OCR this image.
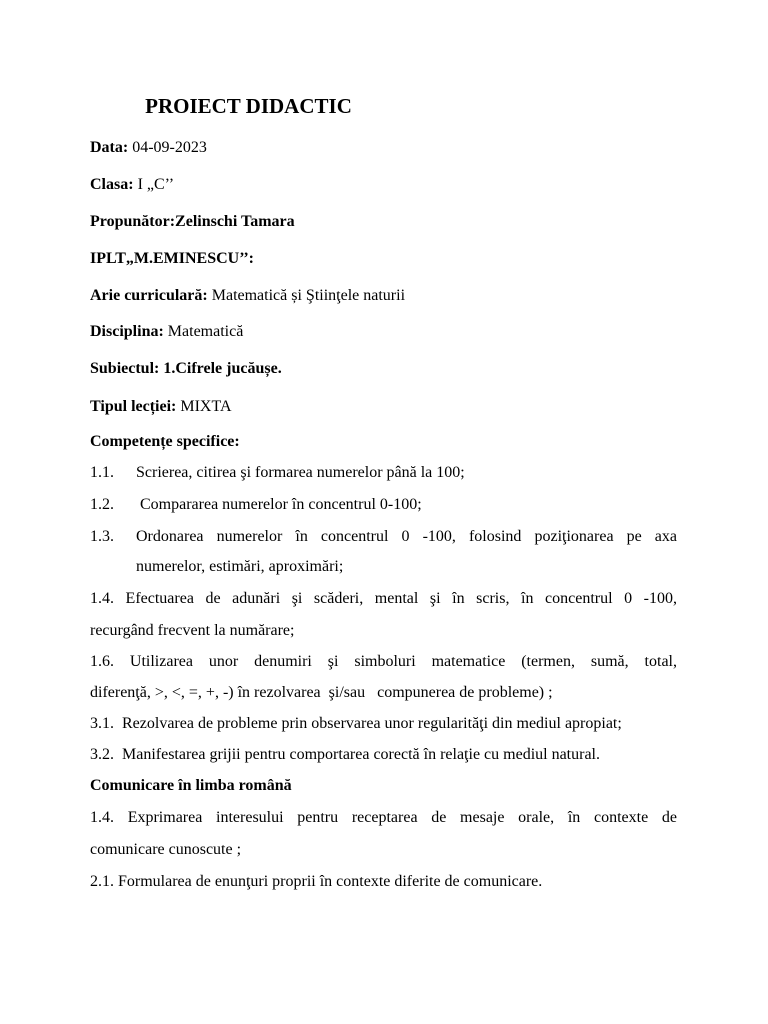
PROIECT DIDACTIC
Data: 04-09-2023
Clasa: I „C’’
Propunător:Zelinschi Tamara
IPLT„M.EMINESCU’’:
Arie curriculară: Matematică și Ştiinţele naturii
Disciplina: Matematică
Subiectul: 1.Cifrele jucăușe.
Tipul lecției: MIXTA
Competențe specifice:
1.1. Scrierea, citirea şi formarea numerelor până la 100;
1.2. Compararea numerelor în concentrul 0-100;
1.3. Ordonarea numerelor în concentrul 0 -100, folosind poziţionarea pe axa
numerelor, estimări, aproximări;
1.4. Efectuarea de adunări şi scăderi, mental şi în scris, în concentrul 0 -100,
recurgând frecvent la numărare;
1.6. Utilizarea unor denumiri şi simboluri matematice (termen, sumă, total,
diferenţă, >, <, =, +, -) în rezolvarea  şi/sau   compunerea de probleme) ;
3.1.  Rezolvarea de probleme prin observarea unor regularităţi din mediul apropiat;
3.2.  Manifestarea grijii pentru comportarea corectă în relaţie cu mediul natural.
Comunicare în limba română
1.4. Exprimarea interesului pentru receptarea de mesaje orale, în contexte de
comunicare cunoscute ;
2.1. Formularea de enunţuri proprii în contexte diferite de comunicare.
